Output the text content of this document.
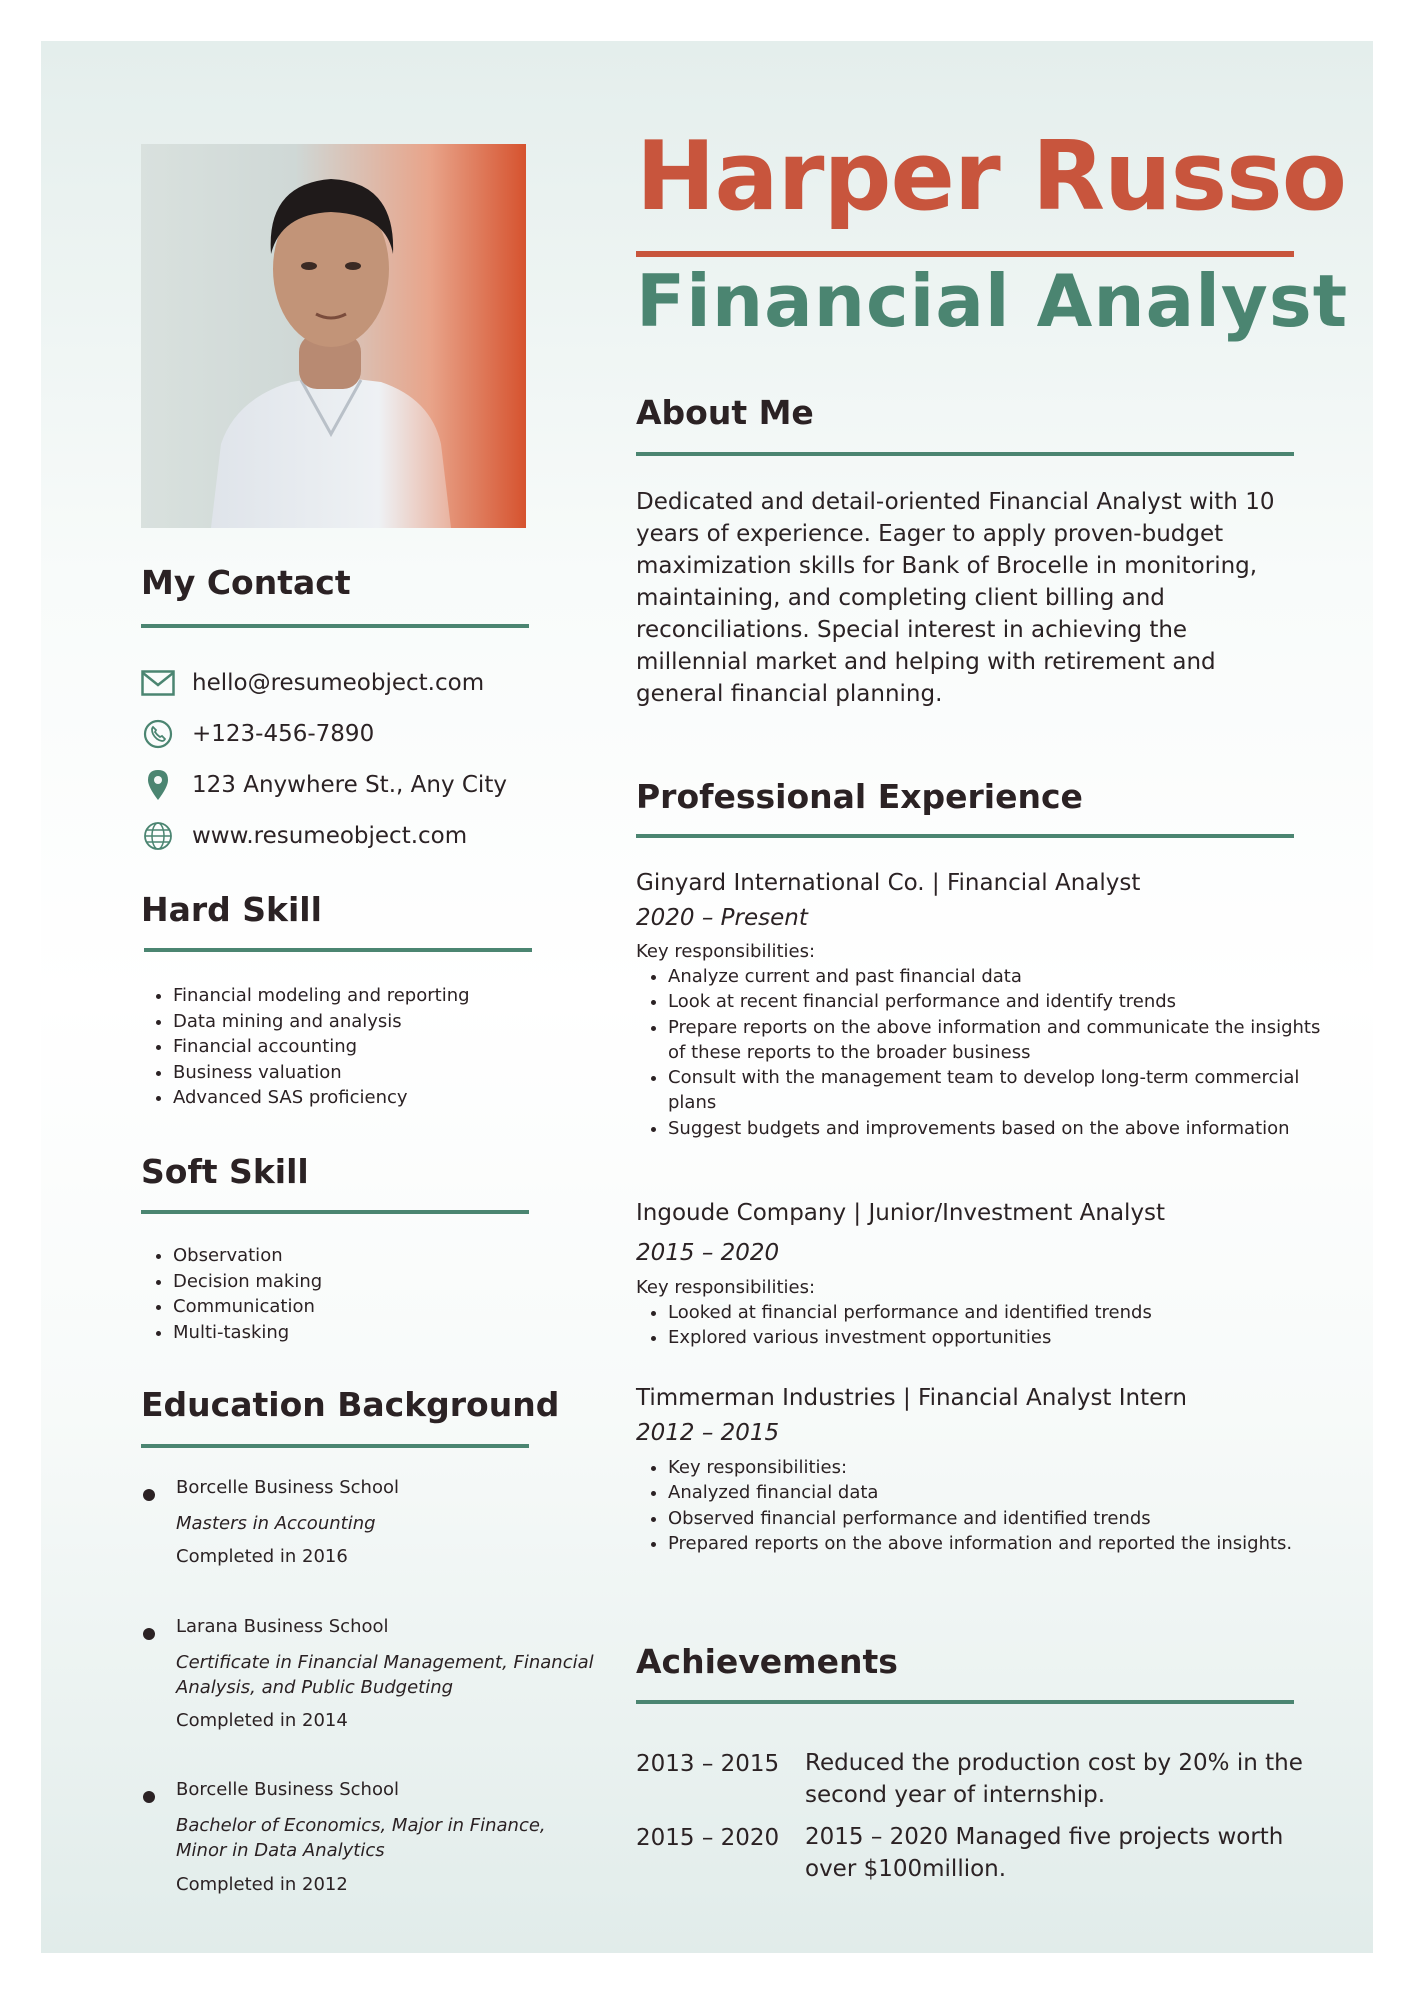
Harper Russo
Financial Analyst
About Me
Dedicated and detail-oriented Financial Analyst with 10 years of experience. Eager to apply proven-budget maximization skills for Bank of Brocelle in monitoring, maintaining, and completing client billing and reconciliations. Special interest in achieving the millennial market and helping with retirement and general financial planning.
My Contact
hello@resumeobject.com
+123-456-7890
123 Anywhere St., Any City
www.resumeobject.com
Hard Skill
• Financial modeling and reporting
• Data mining and analysis
• Financial accounting
• Business valuation
• Advanced SAS proficiency
Soft Skill
• Observation
• Decision making
• Communication
• Multi-tasking
Education Background
Borcelle Business School
Masters in Accounting
Completed in 2016
Larana Business School
Certificate in Financial Management, Financial Analysis, and Public Budgeting
Completed in 2014
Borcelle Business School
Bachelor of Economics, Major in Finance, Minor in Data Analytics
Completed in 2012
Professional Experience
Ginyard International Co. | Financial Analyst
2020 – Present
Key responsibilities:
• Analyze current and past financial data
• Look at recent financial performance and identify trends
• Prepare reports on the above information and communicate the insights of these reports to the broader business
• Consult with the management team to develop long-term commercial plans
• Suggest budgets and improvements based on the above information
Ingoude Company | Junior/Investment Analyst
2015 – 2020
Key responsibilities:
• Looked at financial performance and identified trends
• Explored various investment opportunities
Timmerman Industries | Financial Analyst Intern
2012 – 2015
• Key responsibilities:
• Analyzed financial data
• Observed financial performance and identified trends
• Prepared reports on the above information and reported the insights.
Achievements
2013 – 2015 Reduced the production cost by 20% in the second year of internship.
2015 – 2020 2015 – 2020 Managed five projects worth over $100million.
